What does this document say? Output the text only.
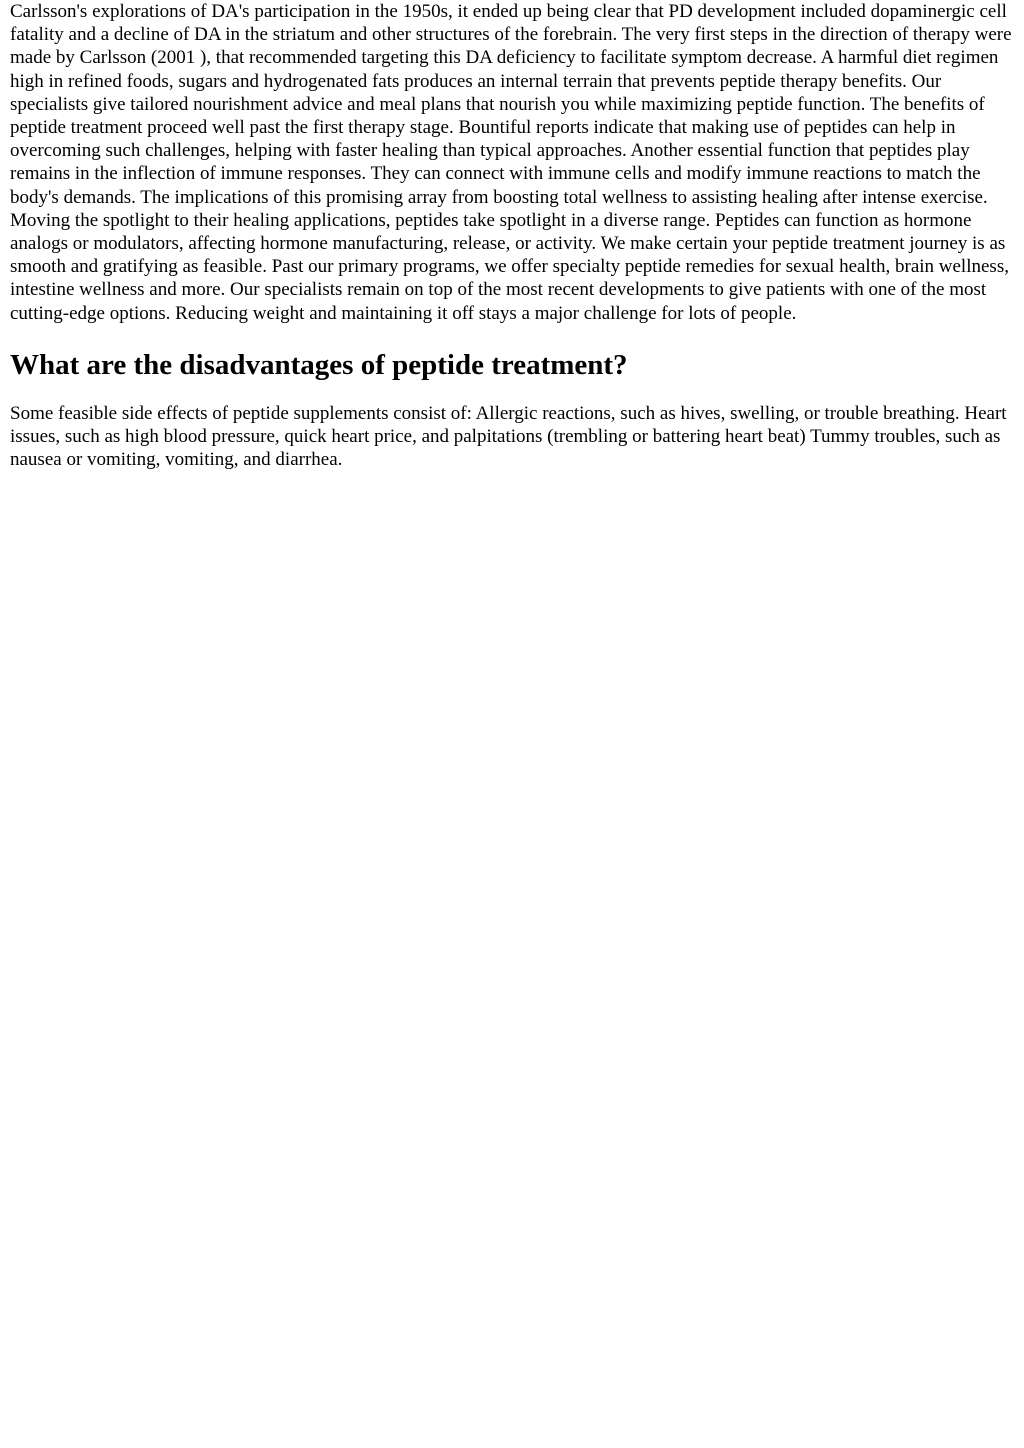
Carlsson's explorations of DA's participation in the 1950s, it ended up being clear that PD development included dopaminergic cell fatality and a decline of DA in the striatum and other structures of the forebrain. The very first steps in the direction of therapy were made by Carlsson (2001 ), that recommended targeting this DA deficiency to facilitate symptom decrease. A harmful diet regimen high in refined foods, sugars and hydrogenated fats produces an internal terrain that prevents peptide therapy benefits. Our specialists give tailored nourishment advice and meal plans that nourish you while maximizing peptide function. The benefits of peptide treatment proceed well past the first therapy stage. Bountiful reports indicate that making use of peptides can help in overcoming such challenges, helping with faster healing than typical approaches. Another essential function that peptides play remains in the inflection of immune responses. They can connect with immune cells and modify immune reactions to match the body's demands. The implications of this promising array from boosting total wellness to assisting healing after intense exercise. Moving the spotlight to their healing applications, peptides take spotlight in a diverse range. Peptides can function as hormone analogs or modulators, affecting hormone manufacturing, release, or activity. We make certain your peptide treatment journey is as smooth and gratifying as feasible. Past our primary programs, we offer specialty peptide remedies for sexual health, brain wellness, intestine wellness and more. Our specialists remain on top of the most recent developments to give patients with one of the most cutting-edge options. Reducing weight and maintaining it off stays a major challenge for lots of people.

What are the disadvantages of peptide treatment?

Some feasible side effects of peptide supplements consist of: Allergic reactions, such as hives, swelling, or trouble breathing. Heart issues, such as high blood pressure, quick heart price, and palpitations (trembling or battering heart beat) Tummy troubles, such as nausea or vomiting, vomiting, and diarrhea.
